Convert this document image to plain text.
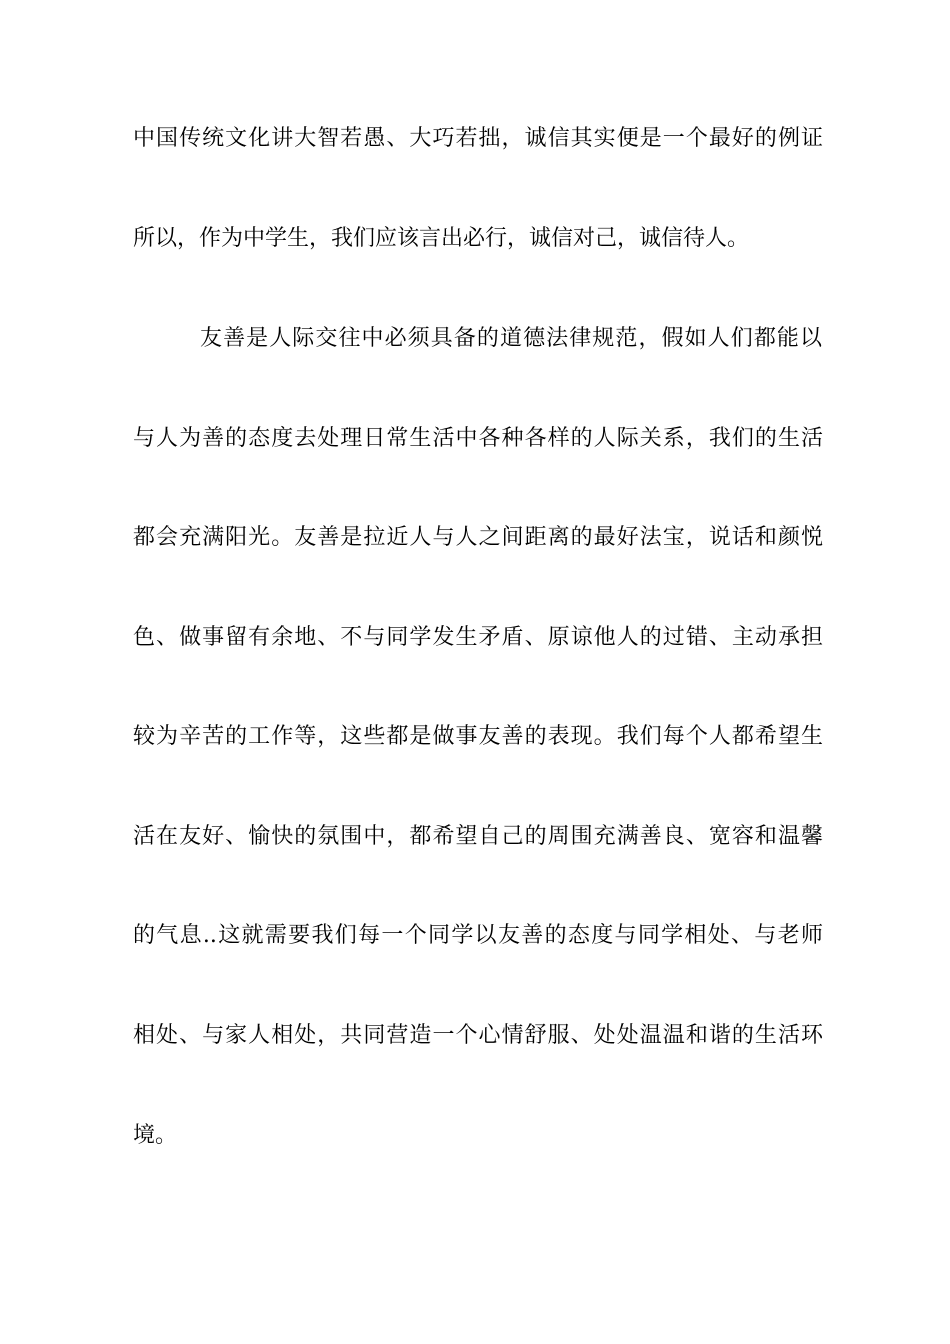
中国传统文化讲大智若愚、大巧若拙，诚信其实便是一个最好的例证
所以，作为中学生，我们应该言出必行，诚信对己，诚信待人。
友善是人际交往中必须具备的道德法律规范，假如人们都能以
与人为善的态度去处理日常生活中各种各样的人际关系，我们的生活
都会充满阳光。友善是拉近人与人之间距离的最好法宝，说话和颜悦
色、做事留有余地、不与同学发生矛盾、原谅他人的过错、主动承担
较为辛苦的工作等，这些都是做事友善的表现。我们每个人都希望生
活在友好、愉快的氛围中，都希望自己的周围充满善良、宽容和温馨
的气息..这就需要我们每一个同学以友善的态度与同学相处、与老师
相处、与家人相处，共同营造一个心情舒服、处处温温和谐的生活环
境。
